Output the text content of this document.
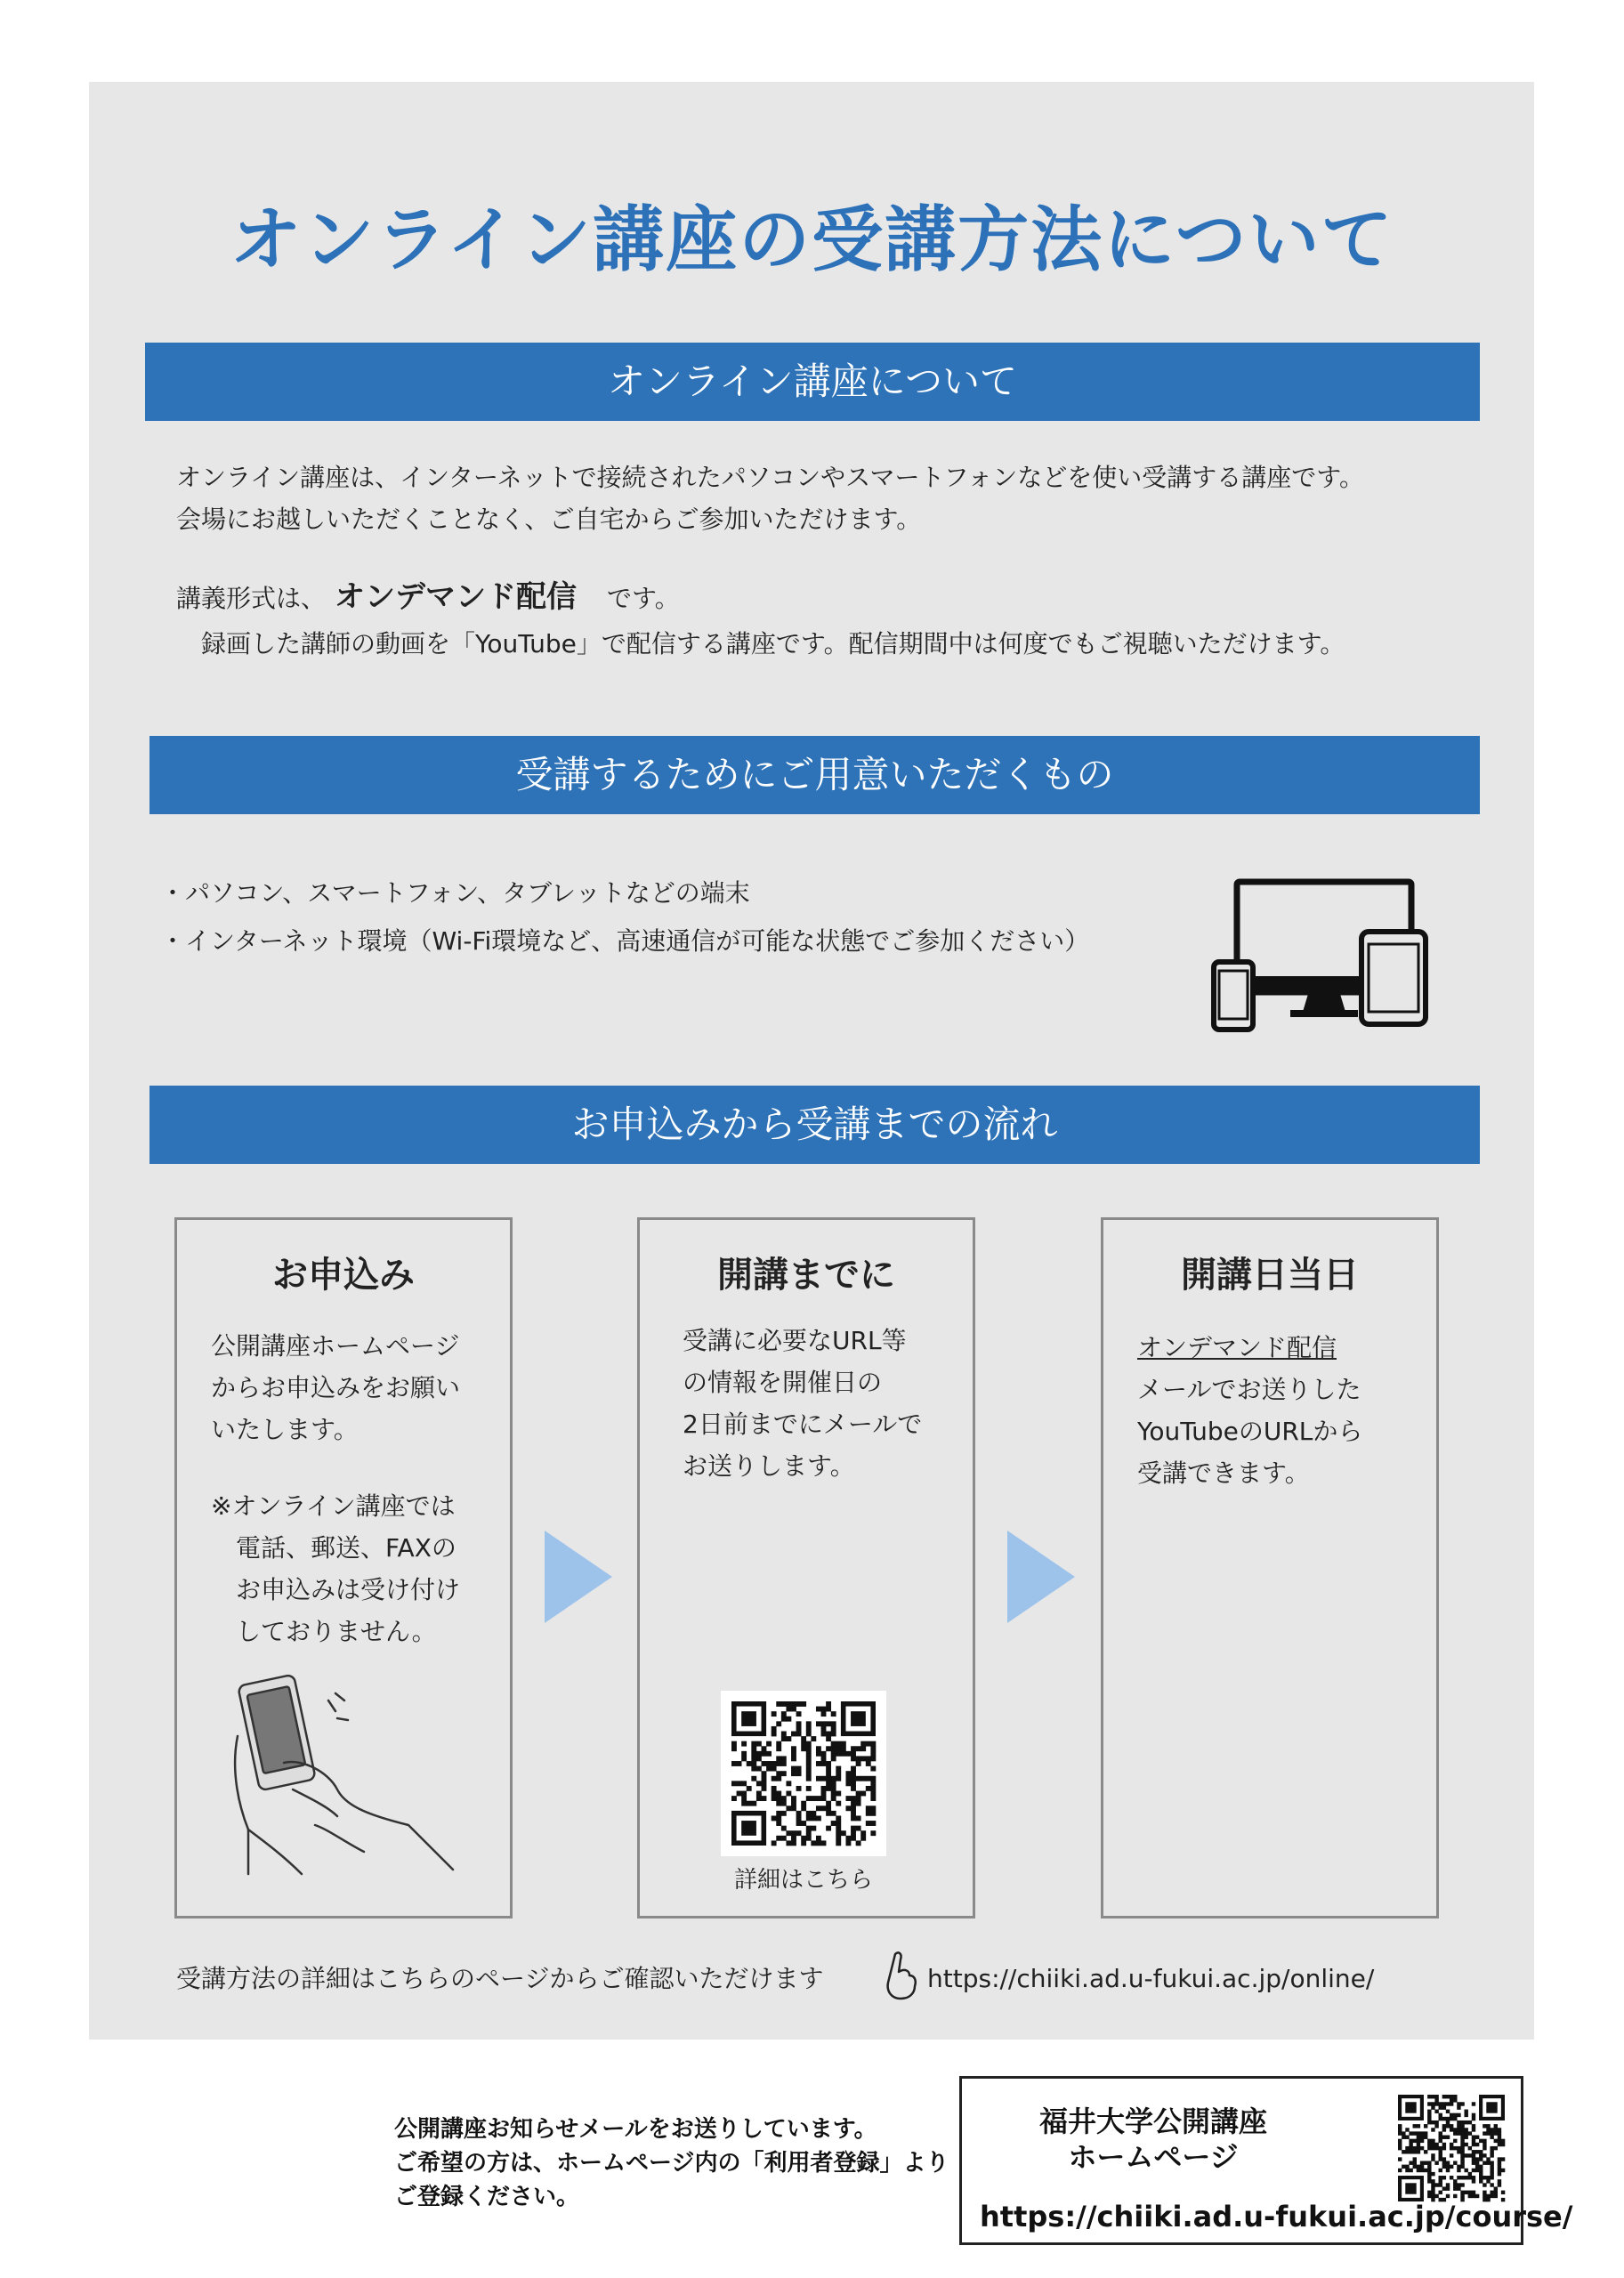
オンライン講座の受講方法について
オンライン講座について
オンライン講座は、インターネットで接続されたパソコンやスマートフォンなどを使い受講する講座です。
会場にお越しいただくことなく、ご自宅からご参加いただけます。
講義形式は、 オンデマンド配信 です。
録画した講師の動画を「YouTube」で配信する講座です。配信期間中は何度でもご視聴いただけます。
受講するためにご用意いただくもの
・パソコン、スマートフォン、タブレットなどの端末
・インターネット環境（Wi-Fi環境など、高速通信が可能な状態でご参加ください）
お申込みから受講までの流れ
お申込み
公開講座ホームページ
からお申込みをお願い
いたします。
※オンライン講座では
電話、郵送、FAXの
お申込みは受け付け
しておりません。
開講までに
受講に必要なURL等
の情報を開催日の
2日前までにメールで
お送りします。
詳細はこちら
開講日当日
オンデマンド配信
メールでお送りした
YouTubeのURLから
受講できます。
受講方法の詳細はこちらのページからご確認いただけます	https://chiiki.ad.u-fukui.ac.jp/online/
公開講座お知らせメールをお送りしています。
ご希望の方は、ホームページ内の「利用者登録」より
ご登録ください。
福井大学公開講座
ホームページ
https://chiiki.ad.u-fukui.ac.jp/course/
